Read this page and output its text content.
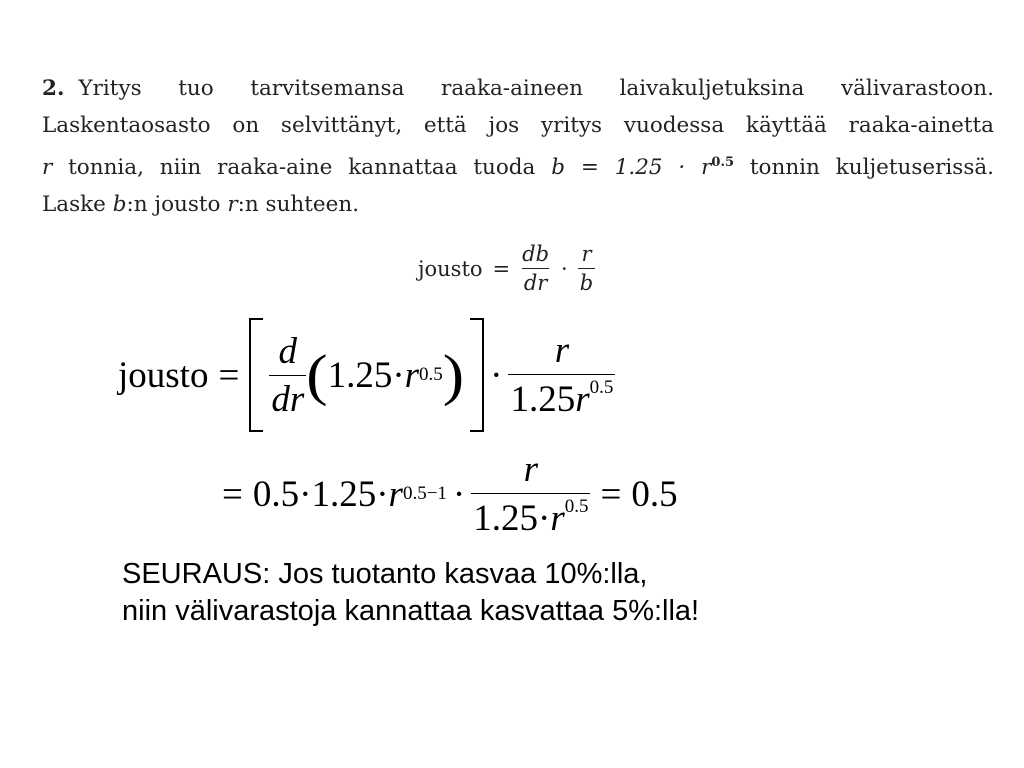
2. Yritys tuo tarvitsemansa raaka-aineen laivakuljetuksina välivarastoon.
Laskentaosasto on selvittänyt, että jos yritys vuodessa käyttää raaka-ainetta
r tonnia, niin raaka-aine kannattaa tuoda $b = 1.25 \cdot r^{0.5}$ tonnin kuljetuserissä.
Laske b:n jousto r:n suhteen.
jousto = $\frac{db}{dr} \cdot \frac{r}{b}$
jousto = $\frac{d}{dr}$ ( 1.25· r 0.5 ) · $\frac{r}{1.25r^{0.5}}$
= 0.5·1.25· r $0.5-1 \cdot \frac{r}{1.25\cdot r^{0.5}} = 0.5$
SEURAUS: Jos tuotanto kasvaa 10%:lla,
niin välivarastoja kannattaa kasvattaa 5%:lla!
